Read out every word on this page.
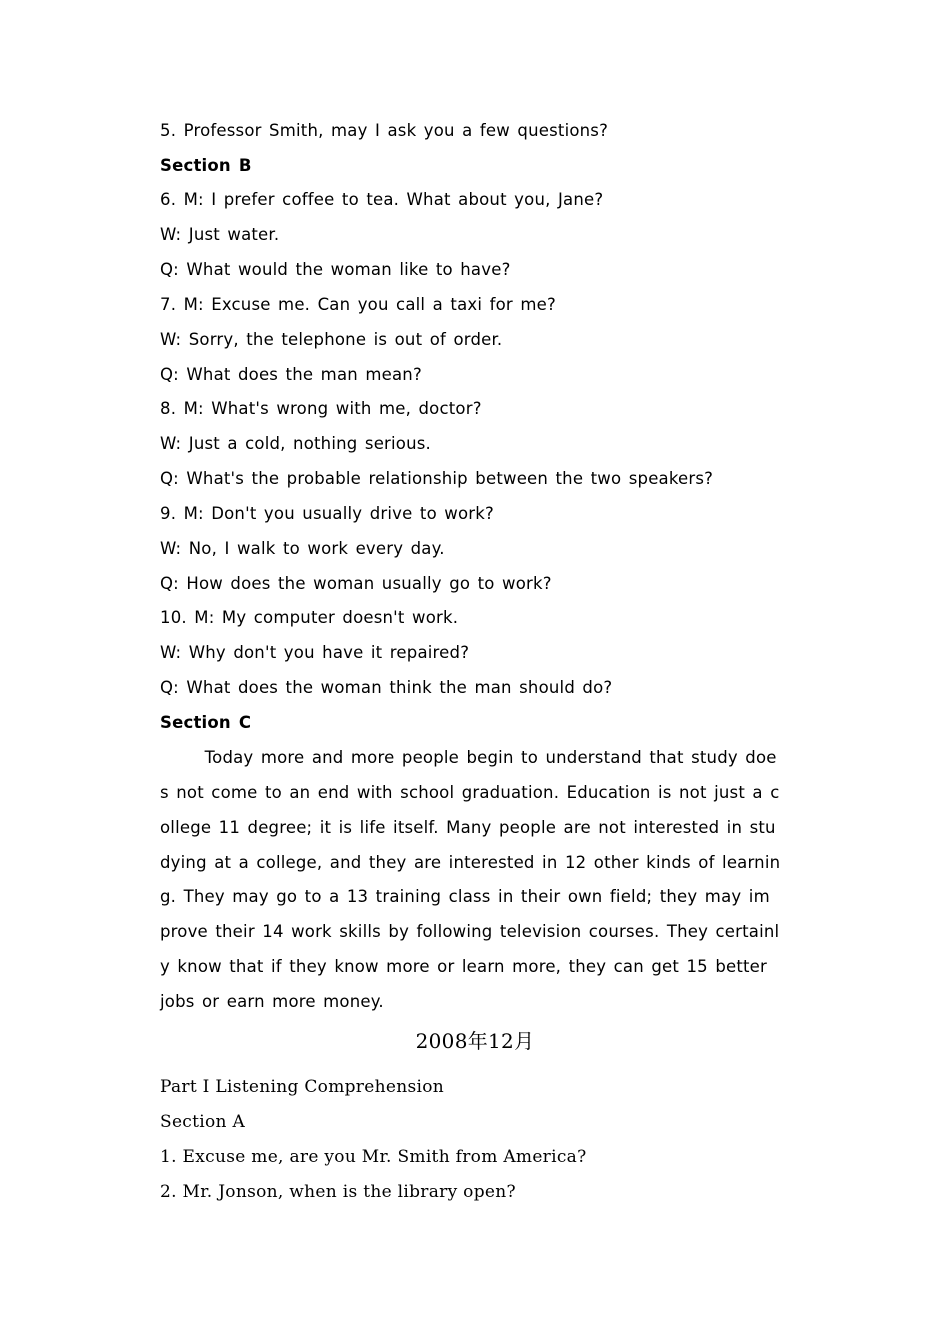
5. Professor Smith, may I ask you a few questions?
Section B
6. M: I prefer coffee to tea. What about you, Jane?
W: Just water.
Q: What would the woman like to have?
7. M: Excuse me. Can you call a taxi for me?
W: Sorry, the telephone is out of order.
Q: What does the man mean?
8. M: What's wrong with me, doctor?
W: Just a cold, nothing serious.
Q: What's the probable relationship between the two speakers?
9. M: Don't you usually drive to work?
W: No, I walk to work every day.
Q: How does the woman usually go to work?
10. M: My computer doesn't work.
W: Why don't you have it repaired?
Q: What does the woman think the man should do?
Section C
Today more and more people begin to understand that study doe
s not come to an end with school graduation. Education is not just a c
ollege 11 degree; it is life itself. Many people are not interested in stu
dying at a college, and they are interested in 12 other kinds of learnin
g. They may go to a 13 training class in their own field; they may im
prove their 14 work skills by following television courses. They certainl
y know that if they know more or learn more, they can get 15 better
jobs or earn more money.
2008年12月
Part Ⅰ Listening Comprehension
Section A
1. Excuse me, are you Mr. Smith from America?
2. Mr. Jonson, when is the library open?
